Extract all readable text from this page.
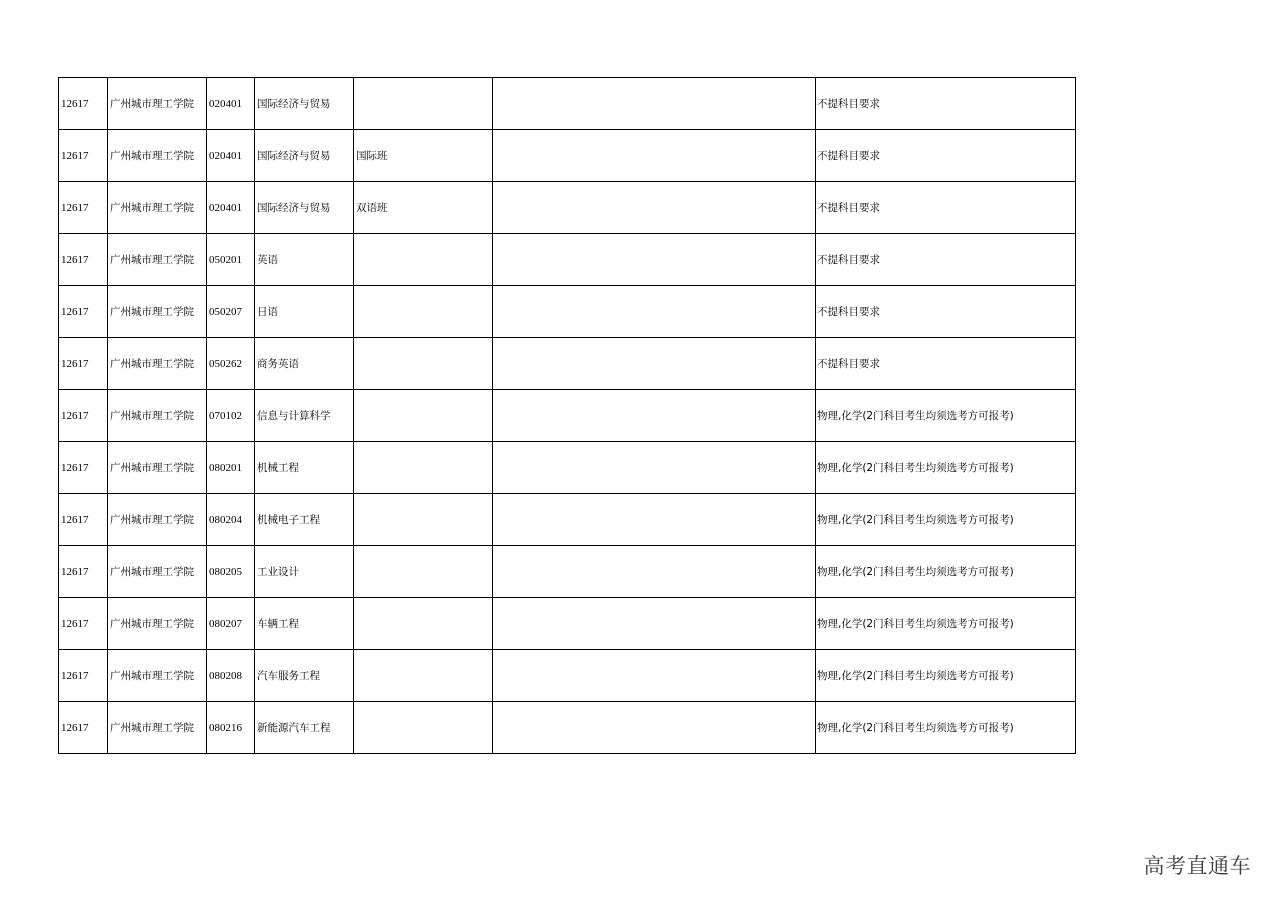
12617	广州城市理工学院	020401	国际经济与贸易			不提科目要求
12617	广州城市理工学院	020401	国际经济与贸易	国际班		不提科目要求
12617	广州城市理工学院	020401	国际经济与贸易	双语班		不提科目要求
12617	广州城市理工学院	050201	英语			不提科目要求
12617	广州城市理工学院	050207	日语			不提科目要求
12617	广州城市理工学院	050262	商务英语			不提科目要求
12617	广州城市理工学院	070102	信息与计算科学			物理,化学(2门科目考生均须选考方可报考)
12617	广州城市理工学院	080201	机械工程			物理,化学(2门科目考生均须选考方可报考)
12617	广州城市理工学院	080204	机械电子工程			物理,化学(2门科目考生均须选考方可报考)
12617	广州城市理工学院	080205	工业设计			物理,化学(2门科目考生均须选考方可报考)
12617	广州城市理工学院	080207	车辆工程			物理,化学(2门科目考生均须选考方可报考)
12617	广州城市理工学院	080208	汽车服务工程			物理,化学(2门科目考生均须选考方可报考)
12617	广州城市理工学院	080216	新能源汽车工程			物理,化学(2门科目考生均须选考方可报考)
高考直通车
